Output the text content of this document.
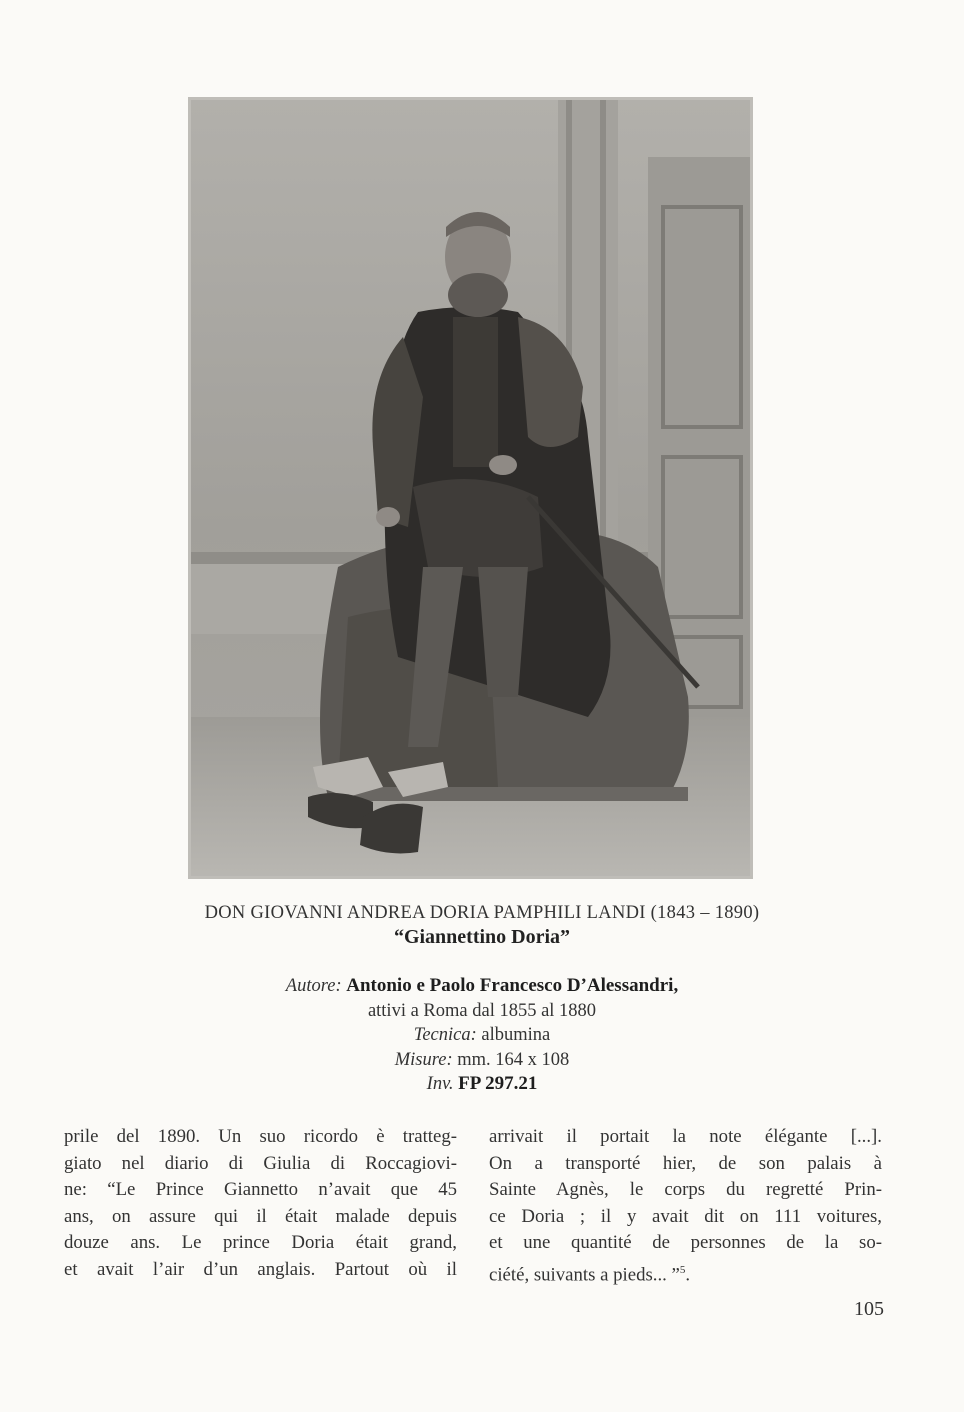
DON GIOVANNI ANDREA DORIA PAMPHILI LANDI (1843 – 1890)
“Giannettino Doria”
Autore: Antonio e Paolo Francesco D’Alessandri,
attivi a Roma dal 1855 al 1880
Tecnica: albumina
Misure: mm. 164 x 108
Inv. FP 297.21
prile del 1890. Un suo ricordo è tratteg-
giato nel diario di Giulia di Roccagiovi-
ne: “Le Prince Giannetto n’avait que 45
ans, on assure qui il était malade depuis
douze ans. Le prince Doria était grand,
et avait l’air d’un anglais. Partout où il
arrivait il portait la note élégante [...].
On a transporté hier, de son palais à
Sainte Agnès, le corps du regretté Prin-
ce Doria ; il y avait dit on 111 voitures,
et une quantité de personnes de la so-
ciété, suivants a pieds... ”$^5$.
105
